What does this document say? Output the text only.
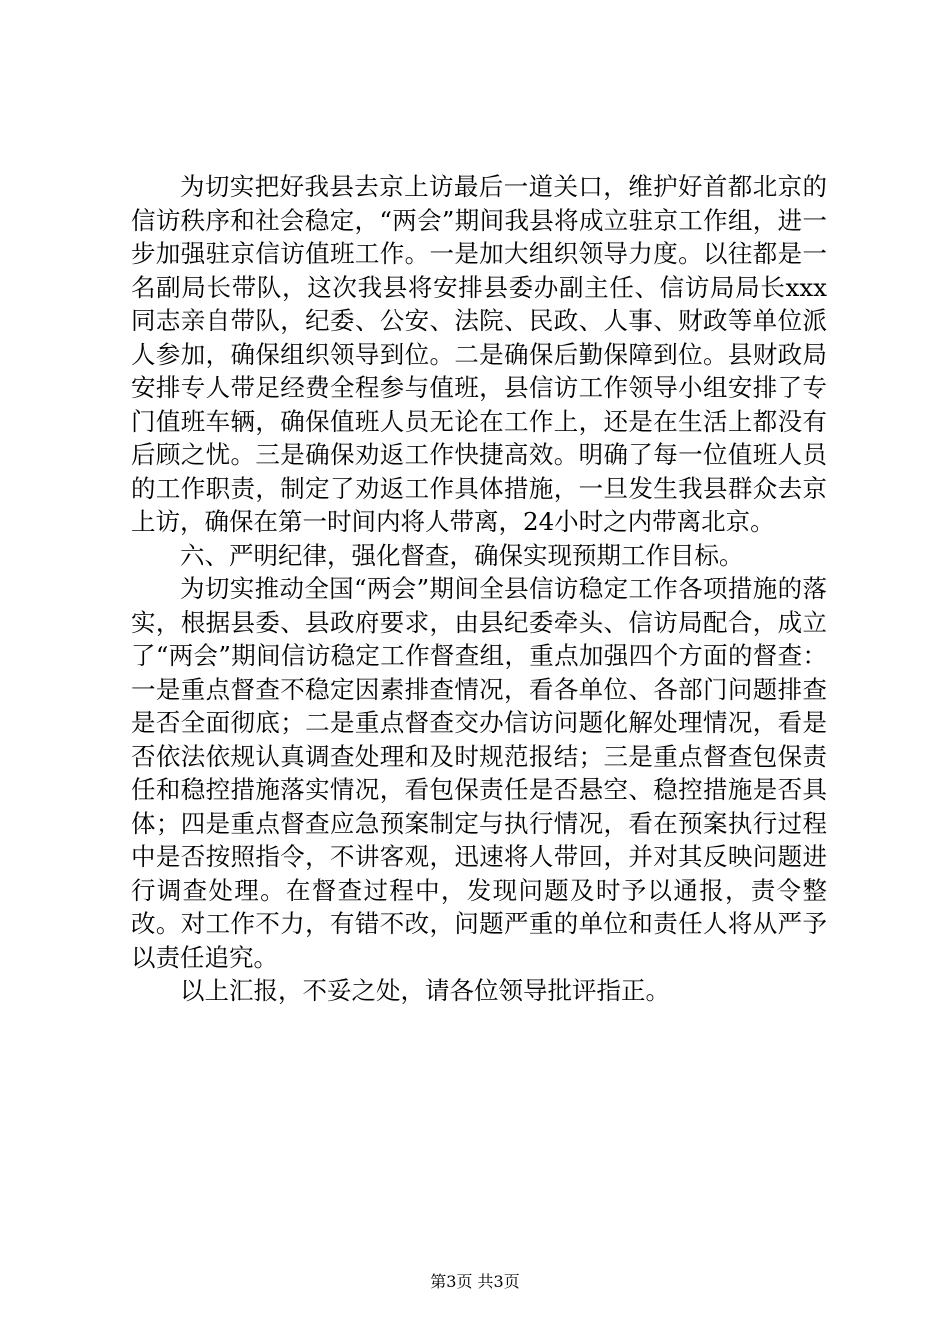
为切实把好我县去京上访最后一道关口，维护好首都北京的信访秩序和社会稳定，“两会”期间我县将成立驻京工作组，进一步加强驻京信访值班工作。一是加大组织领导力度。以往都是一名副局长带队，这次我县将安排县委办副主任、信访局局长xxx同志亲自带队，纪委、公安、法院、民政、人事、财政等单位派人参加，确保组织领导到位。二是确保后勤保障到位。县财政局安排专人带足经费全程参与值班，县信访工作领导小组安排了专门值班车辆，确保值班人员无论在工作上，还是在生活上都没有后顾之忧。三是确保劝返工作快捷高效。明确了每一位值班人员的工作职责，制定了劝返工作具体措施，一旦发生我县群众去京上访，确保在第一时间内将人带离，24小时之内带离北京。

六、严明纪律，强化督查，确保实现预期工作目标。

为切实推动全国“两会”期间全县信访稳定工作各项措施的落实，根据县委、县政府要求，由县纪委牵头、信访局配合，成立了“两会”期间信访稳定工作督查组，重点加强四个方面的督查：一是重点督查不稳定因素排查情况，看各单位、各部门问题排查是否全面彻底；二是重点督查交办信访问题化解处理情况，看是否依法依规认真调查处理和及时规范报结；三是重点督查包保责任和稳控措施落实情况，看包保责任是否悬空、稳控措施是否具体；四是重点督查应急预案制定与执行情况，看在预案执行过程中是否按照指令，不讲客观，迅速将人带回，并对其反映问题进行调查处理。在督查过程中，发现问题及时予以通报，责令整改。对工作不力，有错不改，问题严重的单位和责任人将从严予以责任追究。

以上汇报，不妥之处，请各位领导批评指正。

第3页 共3页
